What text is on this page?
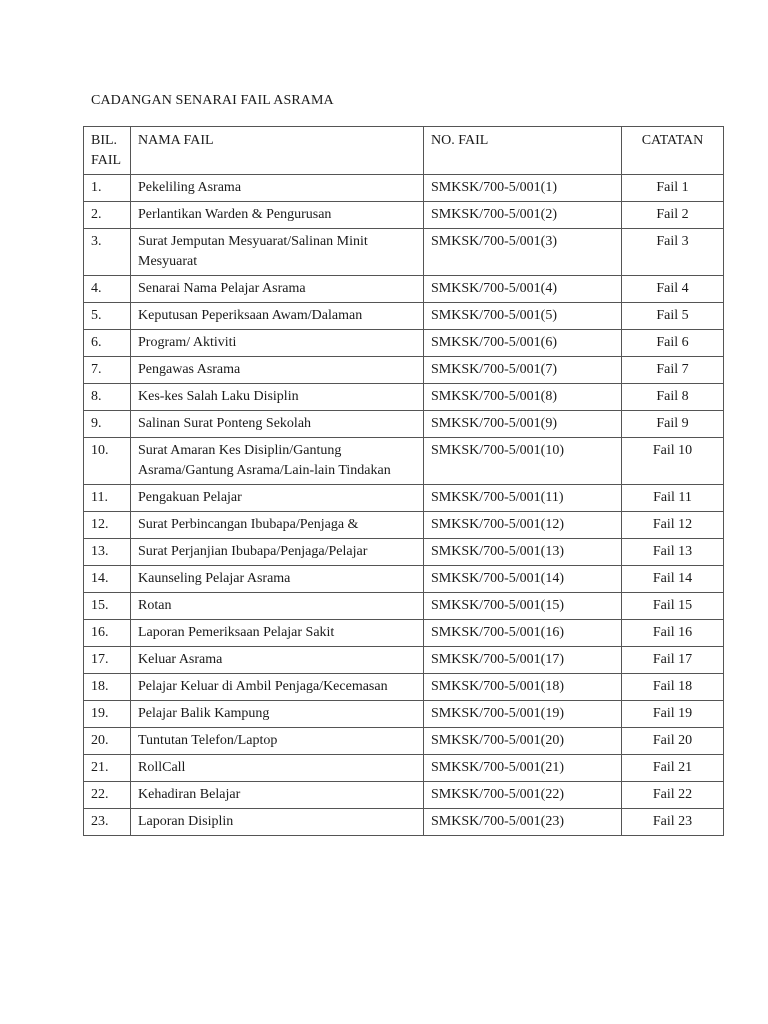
CADANGAN SENARAI FAIL ASRAMA
BIL. FAIL	NAMA FAIL	NO. FAIL	CATATAN
1.	Pekeliling Asrama	SMKSK/700-5/001(1)	Fail 1
2.	Perlantikan Warden & Pengurusan	SMKSK/700-5/001(2)	Fail 2
3.	Surat Jemputan Mesyuarat/Salinan Minit Mesyuarat	SMKSK/700-5/001(3)	Fail 3
4.	Senarai Nama Pelajar Asrama	SMKSK/700-5/001(4)	Fail 4
5.	Keputusan Peperiksaan Awam/Dalaman	SMKSK/700-5/001(5)	Fail 5
6.	Program/ Aktiviti	SMKSK/700-5/001(6)	Fail 6
7.	Pengawas Asrama	SMKSK/700-5/001(7)	Fail 7
8.	Kes-kes Salah Laku Disiplin	SMKSK/700-5/001(8)	Fail 8
9.	Salinan Surat Ponteng Sekolah	SMKSK/700-5/001(9)	Fail 9
10.	Surat Amaran Kes Disiplin/Gantung Asrama/Gantung Asrama/Lain-lain Tindakan	SMKSK/700-5/001(10)	Fail 10
11.	Pengakuan Pelajar	SMKSK/700-5/001(11)	Fail 11
12.	Surat Perbincangan Ibubapa/Penjaga &	SMKSK/700-5/001(12)	Fail 12
13.	Surat Perjanjian Ibubapa/Penjaga/Pelajar	SMKSK/700-5/001(13)	Fail 13
14.	Kaunseling Pelajar Asrama	SMKSK/700-5/001(14)	Fail 14
15.	Rotan	SMKSK/700-5/001(15)	Fail 15
16.	Laporan Pemeriksaan Pelajar Sakit	SMKSK/700-5/001(16)	Fail 16
17.	Keluar Asrama	SMKSK/700-5/001(17)	Fail 17
18.	Pelajar Keluar di Ambil Penjaga/Kecemasan	SMKSK/700-5/001(18)	Fail 18
19.	Pelajar Balik Kampung	SMKSK/700-5/001(19)	Fail 19
20.	Tuntutan Telefon/Laptop	SMKSK/700-5/001(20)	Fail 20
21.	RollCall	SMKSK/700-5/001(21)	Fail 21
22.	Kehadiran Belajar	SMKSK/700-5/001(22)	Fail 22
23.	Laporan Disiplin	SMKSK/700-5/001(23)	Fail 23
